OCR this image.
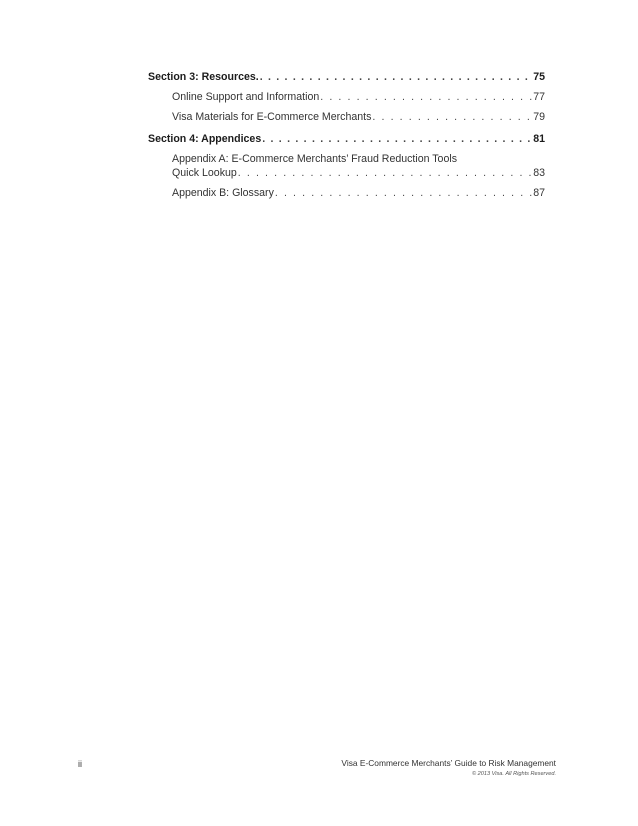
Section 3: Resources. . . .	75
Online Support and Information . . .	77
Visa Materials for E-Commerce Merchants . . .	79
Section 4: Appendices . . .	81
Appendix A: E-Commerce Merchants’ Fraud Reduction Tools
Quick Lookup . . .	83
Appendix B: Glossary . . .	87
ii	Visa E-Commerce Merchants’ Guide to Risk Management
© 2013 Visa. All Rights Reserved.
